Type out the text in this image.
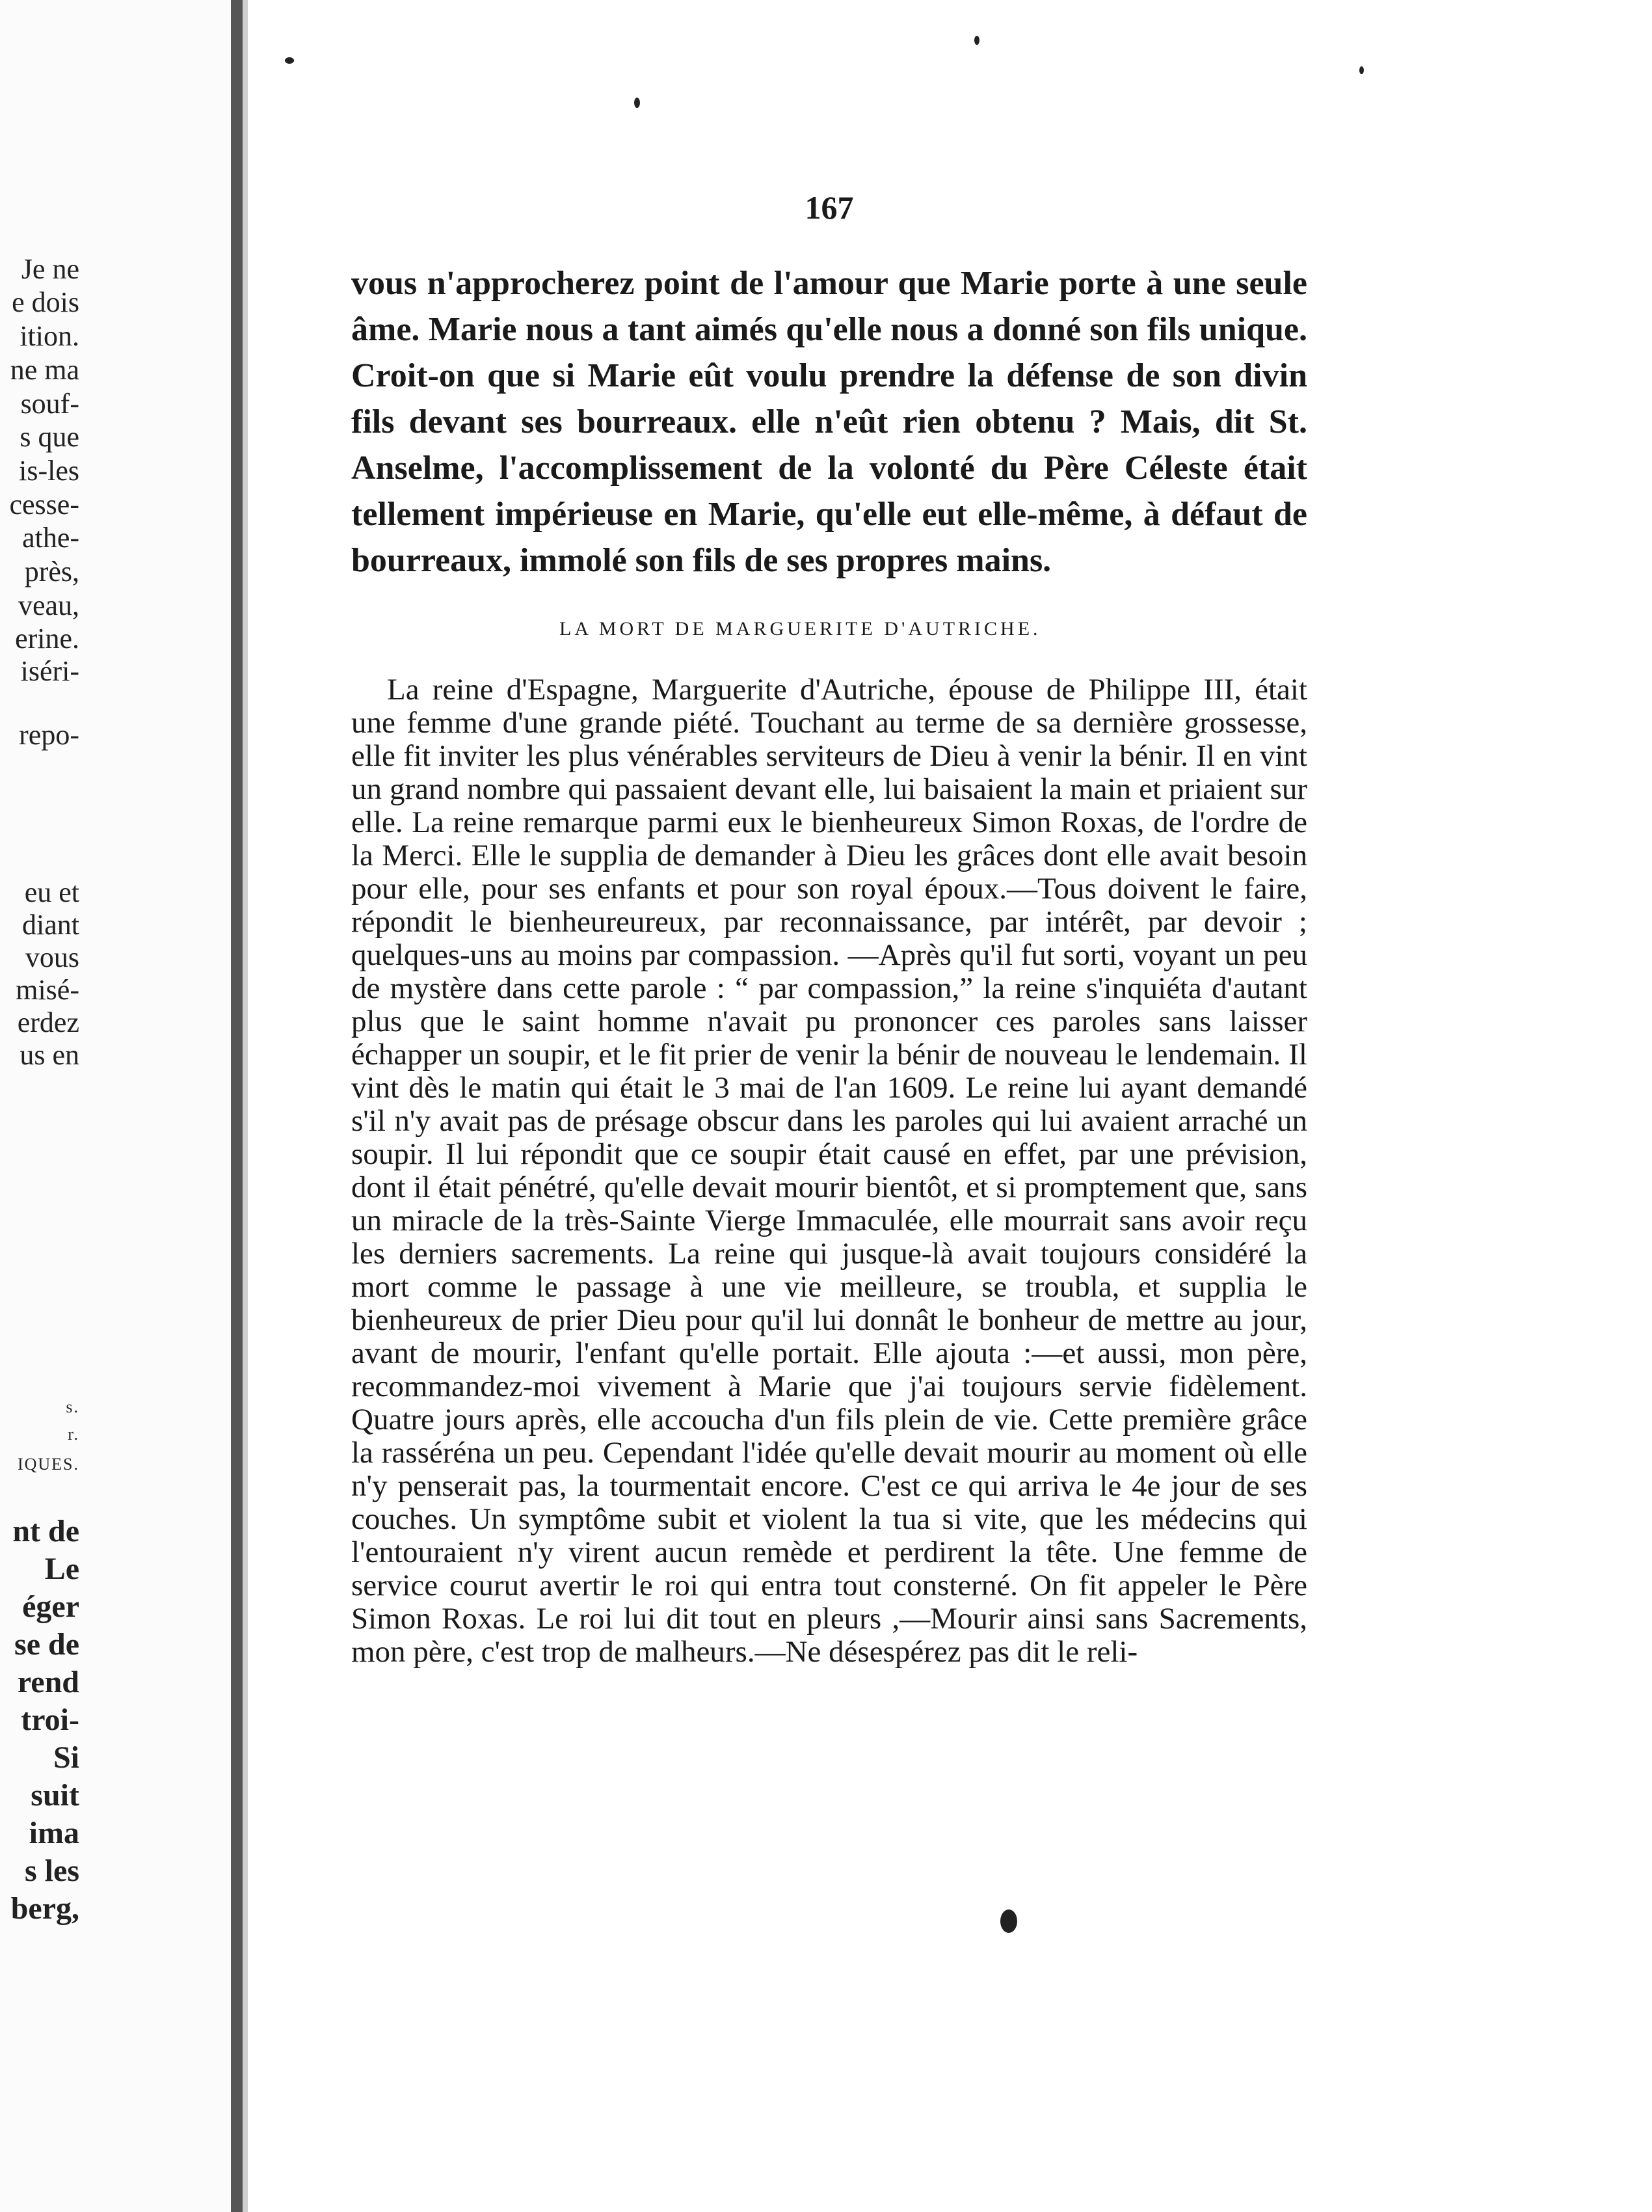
Je ne
e dois
ition.
ne ma
souf-
s que
is-les
cesse-
athe-
près,
veau,
erine.
iséri-
repo-
eu et
diant
vous
misé-
erdez
us en
s.
r.
IQUES.
nt de
Le
éger
se de
rend
troi-
Si
suit
ima
s les
berg,
167

vous n'approcherez point de l'amour que Marie porte à une seule âme. Marie nous a tant aimés qu'elle nous a donné son fils unique. Croit-on que si Marie eût voulu prendre la défense de son divin fils devant ses bourreaux. elle n'eût rien obtenu ? Mais, dit St. Anselme, l'accomplissement de la volonté du Père Céleste était tellement impérieuse en Marie, qu'elle eut elle-même, à défaut de bourreaux, immolé son fils de ses propres mains.

LA MORT DE MARGUERITE D'AUTRICHE.

La reine d'Espagne, Marguerite d'Autriche, épouse de Philippe III, était une femme d'une grande piété. Touchant au terme de sa dernière grossesse, elle fit inviter les plus vénérables serviteurs de Dieu à venir la bénir. Il en vint un grand nombre qui passaient devant elle, lui baisaient la main et priaient sur elle. La reine remarque parmi eux le bienheureux Simon Roxas, de l'ordre de la Merci. Elle le supplia de demander à Dieu les grâces dont elle avait besoin pour elle, pour ses enfants et pour son royal époux.—Tous doivent le faire, répondit le bienheureureux, par reconnaissance, par intérêt, par devoir ; quelques-uns au moins par compassion. —Après qu'il fut sorti, voyant un peu de mystère dans cette parole : “ par compassion,” la reine s'inquiéta d'autant plus que le saint homme n'avait pu prononcer ces paroles sans laisser échapper un soupir, et le fit prier de venir la bénir de nouveau le lendemain. Il vint dès le matin qui était le 3 mai de l'an 1609. Le reine lui ayant demandé s'il n'y avait pas de présage obscur dans les paroles qui lui avaient arraché un soupir. Il lui répondit que ce soupir était causé en effet, par une prévision, dont il était pénétré, qu'elle devait mourir bientôt, et si promptement que, sans un miracle de la très-Sainte Vierge Immaculée, elle mourrait sans avoir reçu les derniers sacrements. La reine qui jusque-là avait toujours considéré la mort comme le passage à une vie meilleure, se troubla, et supplia le bienheureux de prier Dieu pour qu'il lui donnât le bonheur de mettre au jour, avant de mourir, l'enfant qu'elle portait. Elle ajouta :—et aussi, mon père, recommandez-moi vivement à Marie que j'ai toujours servie fidèlement. Quatre jours après, elle accoucha d'un fils plein de vie. Cette première grâce la rasséréna un peu. Cependant l'idée qu'elle devait mourir au moment où elle n'y penserait pas, la tourmentait encore. C'est ce qui arriva le 4e jour de ses couches. Un symptôme subit et violent la tua si vite, que les médecins qui l'entouraient n'y virent aucun remède et perdirent la tête. Une femme de service courut avertir le roi qui entra tout consterné. On fit appeler le Père Simon Roxas. Le roi lui dit tout en pleurs ,—Mourir ainsi sans Sacrements, mon père, c'est trop de malheurs.—Ne désespérez pas dit le reli-
